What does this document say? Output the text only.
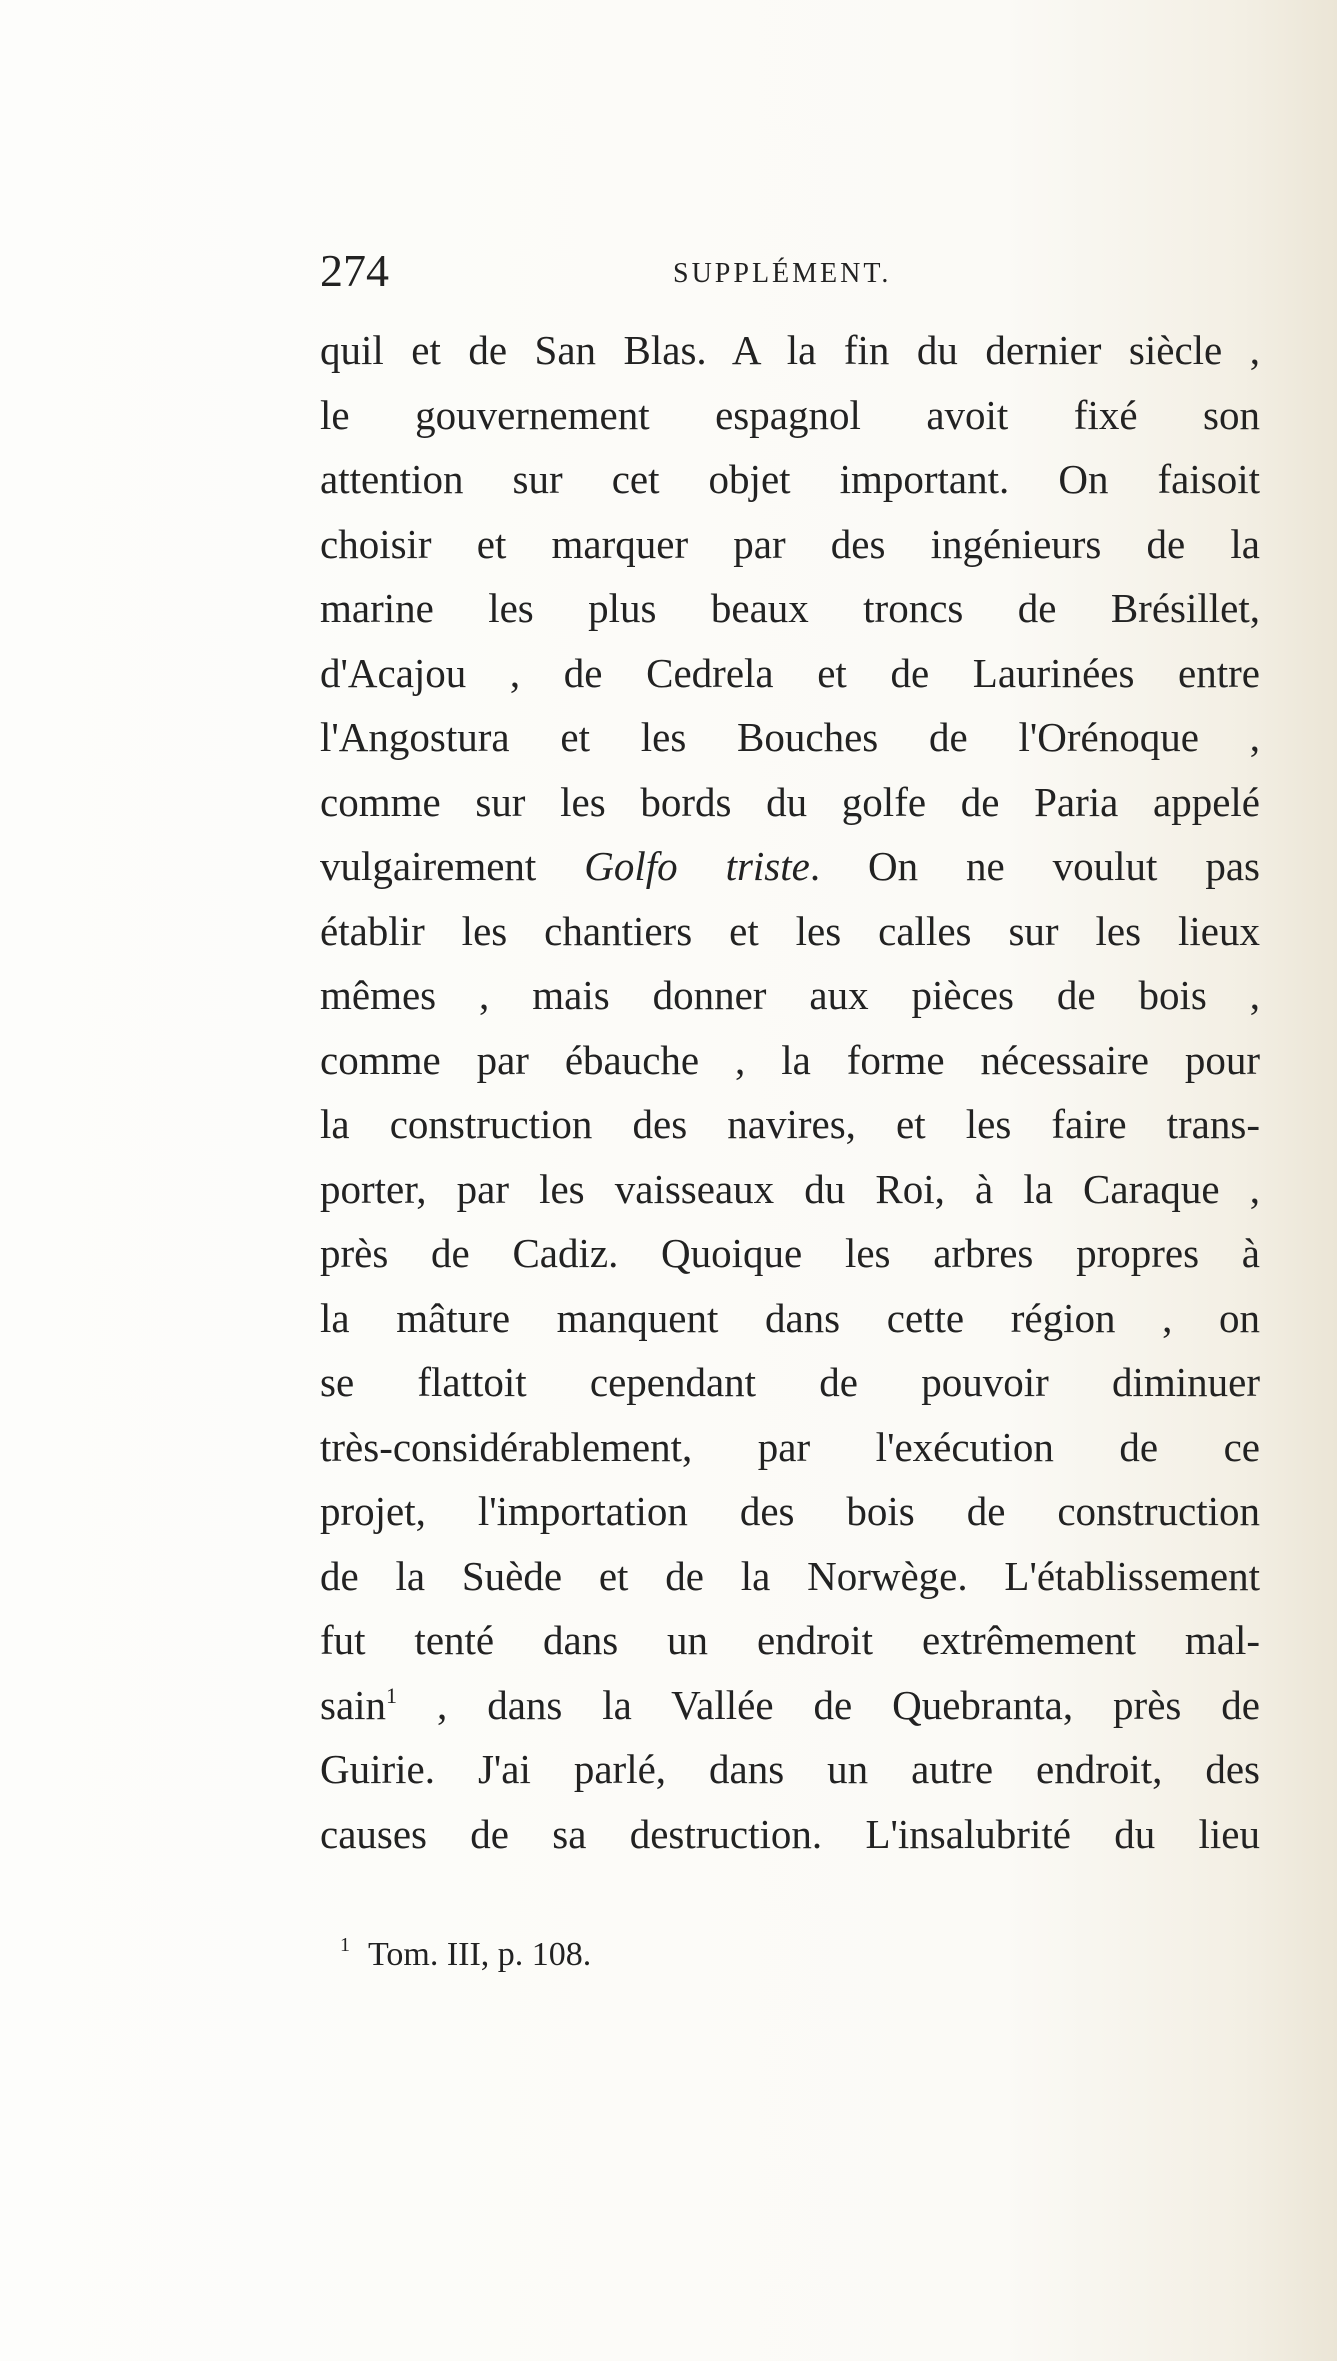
274	SUPPLÉMENT.
quil et de San Blas. A la fin du dernier siècle ,
le gouvernement espagnol avoit fixé son
attention sur cet objet important. On faisoit
choisir et marquer par des ingénieurs de la
marine les plus beaux troncs de Brésillet,
d'Acajou , de Cedrela et de Laurinées entre
l'Angostura et les Bouches de l'Orénoque ,
comme sur les bords du golfe de Paria appelé
vulgairement Golfo triste. On ne voulut pas
établir les chantiers et les calles sur les lieux
mêmes , mais donner aux pièces de bois ,
comme par ébauche , la forme nécessaire pour
la construction des navires, et les faire trans-
porter, par les vaisseaux du Roi, à la Caraque ,
près de Cadiz. Quoique les arbres propres à
la mâture manquent dans cette région , on
se flattoit cependant de pouvoir diminuer
très-considérablement, par l'exécution de ce
projet, l'importation des bois de construction
de la Suède et de la Norwège. L'établissement
fut tenté dans un endroit extrêmement mal-
sain$^1$ , dans la Vallée de Quebranta, près de
Guirie. J'ai parlé, dans un autre endroit, des
causes de sa destruction. L'insalubrité du lieu
$^1$ Tom. III, p. 108.
